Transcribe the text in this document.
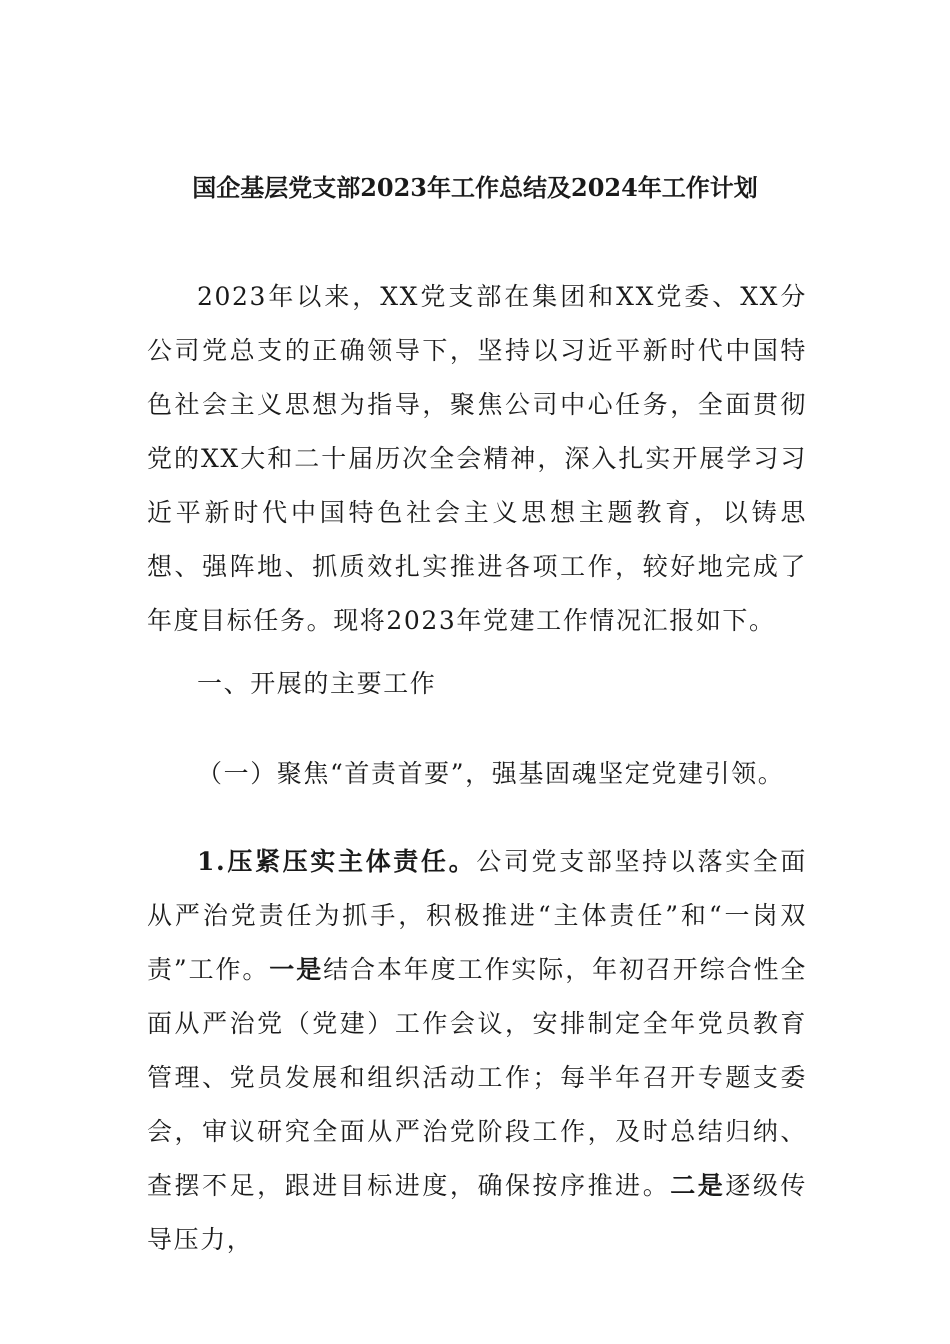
国企基层党支部2023年工作总结及2024年工作计划

2023年以来，XX党支部在集团和XX党委、XX分公司党总支的正确领导下，坚持以习近平新时代中国特色社会主义思想为指导，聚焦公司中心任务，全面贯彻党的XX大和二十届历次全会精神，深入扎实开展学习习近平新时代中国特色社会主义思想主题教育，以铸思想、强阵地、抓质效扎实推进各项工作，较好地完成了年度目标任务。现将2023年党建工作情况汇报如下。

一、开展的主要工作

（一）聚焦“首责首要”，强基固魂坚定党建引领。

1.压紧压实主体责任。公司党支部坚持以落实全面从严治党责任为抓手，积极推进“主体责任”和“一岗双责”工作。一是结合本年度工作实际，年初召开综合性全面从严治党（党建）工作会议，安排制定全年党员教育管理、党员发展和组织活动工作；每半年召开专题支委会，审议研究全面从严治党阶段工作，及时总结归纳、查摆不足，跟进目标进度，确保按序推进。二是逐级传导压力，
